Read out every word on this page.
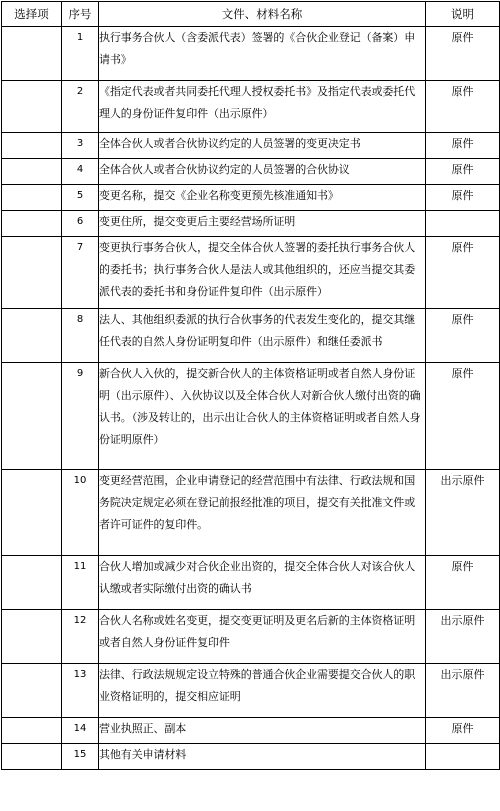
选择项	序号	文件、材料名称	说明
	1	执行事务合伙人（含委派代表）签署的《合伙企业登记（备案）申请书》	原件
	2	《指定代表或者共同委托代理人授权委托书》及指定代表或委托代理人的身份证件复印件（出示原件）	原件
	3	全体合伙人或者合伙协议约定的人员签署的变更决定书	原件
	4	全体合伙人或者合伙协议约定的人员签署的合伙协议	原件
	5	变更名称，提交《企业名称变更预先核准通知书》	原件
	6	变更住所，提交变更后主要经营场所证明	
	7	变更执行事务合伙人，提交全体合伙人签署的委托执行事务合伙人的委托书；执行事务合伙人是法人或其他组织的，还应当提交其委派代表的委托书和身份证件复印件（出示原件）	原件
	8	法人、其他组织委派的执行合伙事务的代表发生变化的，提交其继任代表的自然人身份证明复印件（出示原件）和继任委派书	原件
	9	新合伙人入伙的，提交新合伙人的主体资格证明或者自然人身份证明（出示原件）、入伙协议以及全体合伙人对新合伙人缴付出资的确认书。（涉及转让的，出示出让合伙人的主体资格证明或者自然人身份证明原件）	原件
	10	变更经营范围，企业申请登记的经营范围中有法律、行政法规和国务院决定规定必须在登记前报经批准的项目，提交有关批准文件或者许可证件的复印件。	出示原件
	11	合伙人增加或减少对合伙企业出资的，提交全体合伙人对该合伙人认缴或者实际缴付出资的确认书	原件
	12	合伙人名称或姓名变更，提交变更证明及更名后新的主体资格证明或者自然人身份证件复印件	出示原件
	13	法律、行政法规规定设立特殊的普通合伙企业需要提交合伙人的职业资格证明的，提交相应证明	出示原件
	14	营业执照正、副本	原件
	15	其他有关申请材料	
